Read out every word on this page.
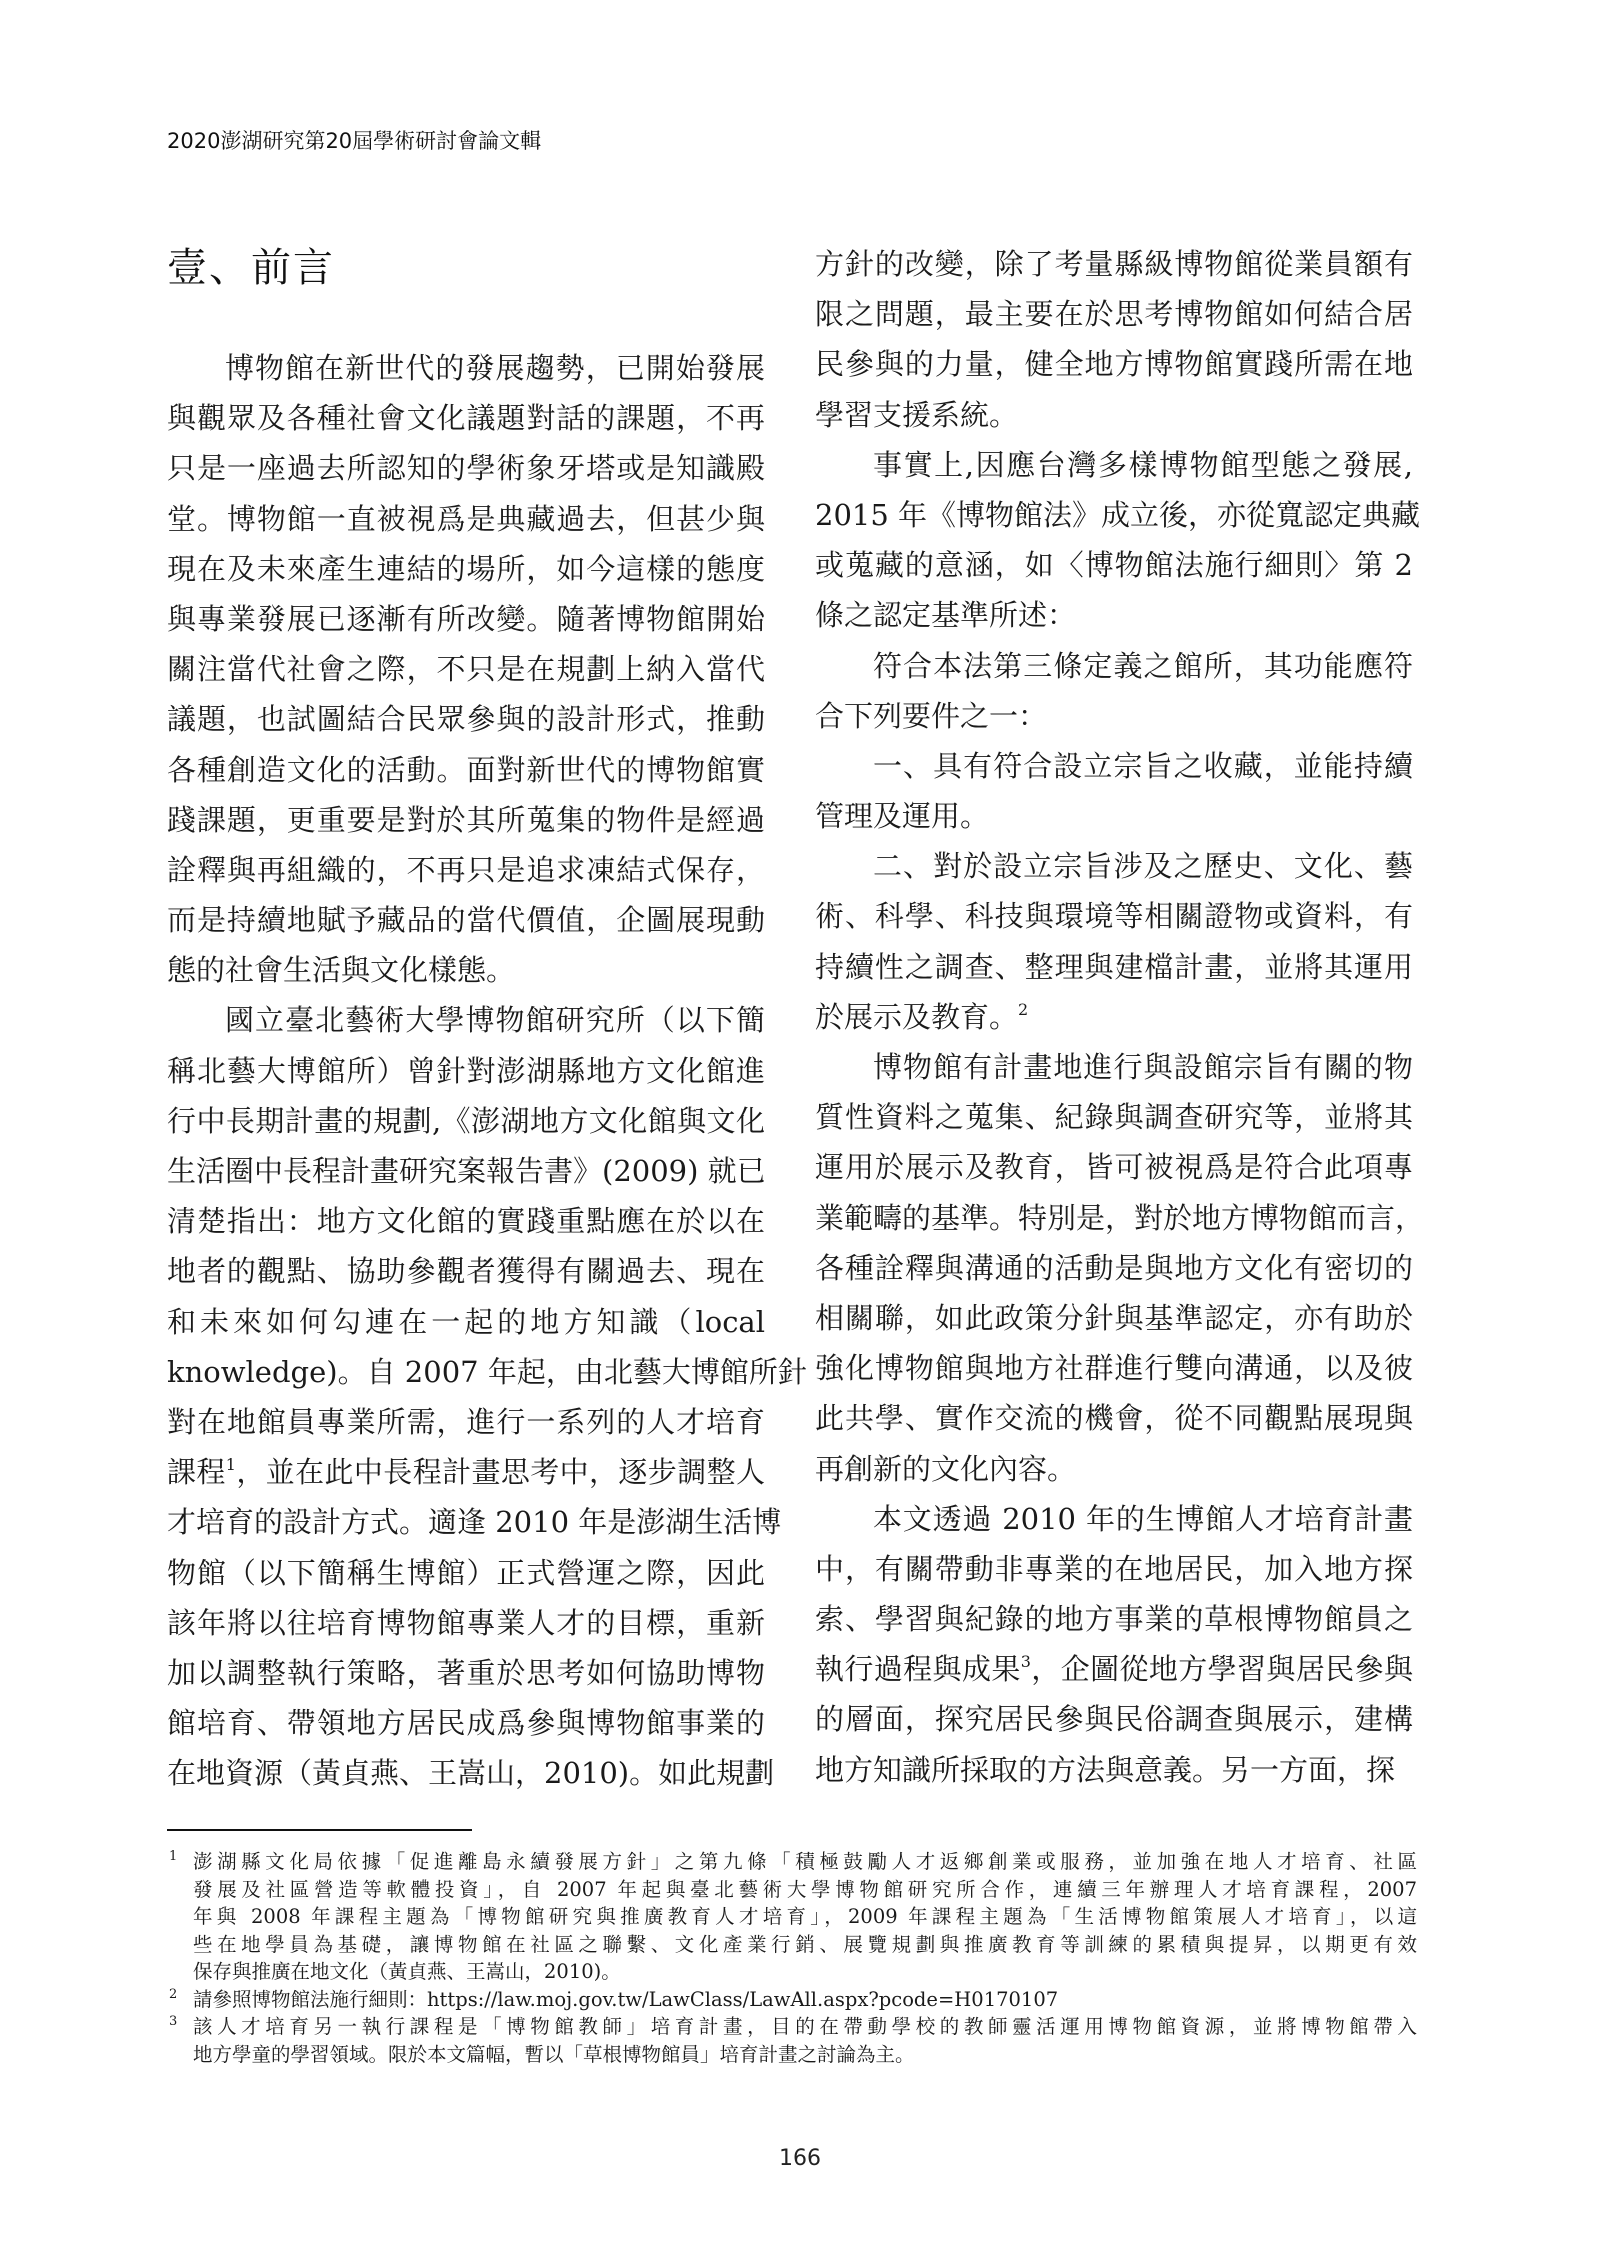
2020澎湖研究第20屆學術研討會論文輯
壹、前言
博物館在新世代的發展趨勢，已開始發展
與觀眾及各種社會文化議題對話的課題，不再
只是一座過去所認知的學術象牙塔或是知識殿
堂。博物館一直被視爲是典藏過去，但甚少與
現在及未來產生連結的場所，如今這樣的態度
與專業發展已逐漸有所改變。隨著博物館開始
關注當代社會之際，不只是在規劃上納入當代
議題，也試圖結合民眾參與的設計形式，推動
各種創造文化的活動。面對新世代的博物館實
踐課題，更重要是對於其所蒐集的物件是經過
詮釋與再組織的，不再只是追求凍結式保存，
而是持續地賦予藏品的當代價值，企圖展現動
態的社會生活與文化樣態。
國立臺北藝術大學博物館研究所（以下簡
稱北藝大博館所）曾針對澎湖縣地方文化館進
行中長期計畫的規劃,《澎湖地方文化館與文化
生活圈中長程計畫研究案報告書》(2009) 就已
清楚指出：地方文化館的實踐重點應在於以在
地者的觀點、協助參觀者獲得有關過去、現在
和未來如何勾連在一起的地方知識（local
knowledge)。自 2007 年起，由北藝大博館所針
對在地館員專業所需，進行一系列的人才培育
課程$^1$，並在此中長程計畫思考中，逐步調整人
才培育的設計方式。適逢 2010 年是澎湖生活博
物館（以下簡稱生博館）正式營運之際，因此
該年將以往培育博物館專業人才的目標，重新
加以調整執行策略，著重於思考如何協助博物
館培育、帶領地方居民成爲參與博物館事業的
在地資源（黃貞燕、王嵩山，2010)。如此規劃
方針的改變，除了考量縣級博物館從業員額有
限之問題，最主要在於思考博物館如何結合居
民參與的力量，健全地方博物館實踐所需在地
學習支援系統。
事實上,因應台灣多樣博物館型態之發展,
2015 年《博物館法》成立後，亦從寬認定典藏
或蒐藏的意涵，如〈博物館法施行細則〉第 2
條之認定基準所述：
符合本法第三條定義之館所，其功能應符
合下列要件之一：
一、具有符合設立宗旨之收藏，並能持續
管理及運用。
二、對於設立宗旨涉及之歷史、文化、藝
術、科學、科技與環境等相關證物或資料，有
持續性之調查、整理與建檔計畫，並將其運用
於展示及教育。$^2$
博物館有計畫地進行與設館宗旨有關的物
質性資料之蒐集、紀錄與調查研究等，並將其
運用於展示及教育，皆可被視爲是符合此項專
業範疇的基準。特別是，對於地方博物館而言，
各種詮釋與溝通的活動是與地方文化有密切的
相關聯，如此政策分針與基準認定，亦有助於
強化博物館與地方社群進行雙向溝通，以及彼
此共學、實作交流的機會，從不同觀點展現與
再創新的文化內容。
本文透過 2010 年的生博館人才培育計畫
中，有關帶動非專業的在地居民，加入地方探
索、學習與紀錄的地方事業的草根博物館員之
執行過程與成果$^3$，企圖從地方學習與居民參與
的層面，探究居民參與民俗調查與展示，建構
地方知識所採取的方法與意義。另一方面，探
1 澎湖縣文化局依據「促進離島永續發展方針」之第九條「積極鼓勵人才返鄉創業或服務，並加強在地人才培育、社區
發展及社區營造等軟體投資」，自 2007 年起與臺北藝術大學博物館研究所合作，連續三年辦理人才培育課程，2007
年與 2008 年課程主題為「博物館研究與推廣教育人才培育」，2009 年課程主題為「生活博物館策展人才培育」，以這
些在地學員為基礎，讓博物館在社區之聯繫、文化產業行銷、展覽規劃與推廣教育等訓練的累積與提昇，以期更有效
保存與推廣在地文化（黃貞燕、王嵩山，2010)。
2 請參照博物館法施行細則：https://law.moj.gov.tw/LawClass/LawAll.aspx?pcode=H0170107
3 該人才培育另一執行課程是「博物館教師」培育計畫，目的在帶動學校的教師靈活運用博物館資源，並將博物館帶入
地方學童的學習領域。限於本文篇幅，暫以「草根博物館員」培育計畫之討論為主。
166
